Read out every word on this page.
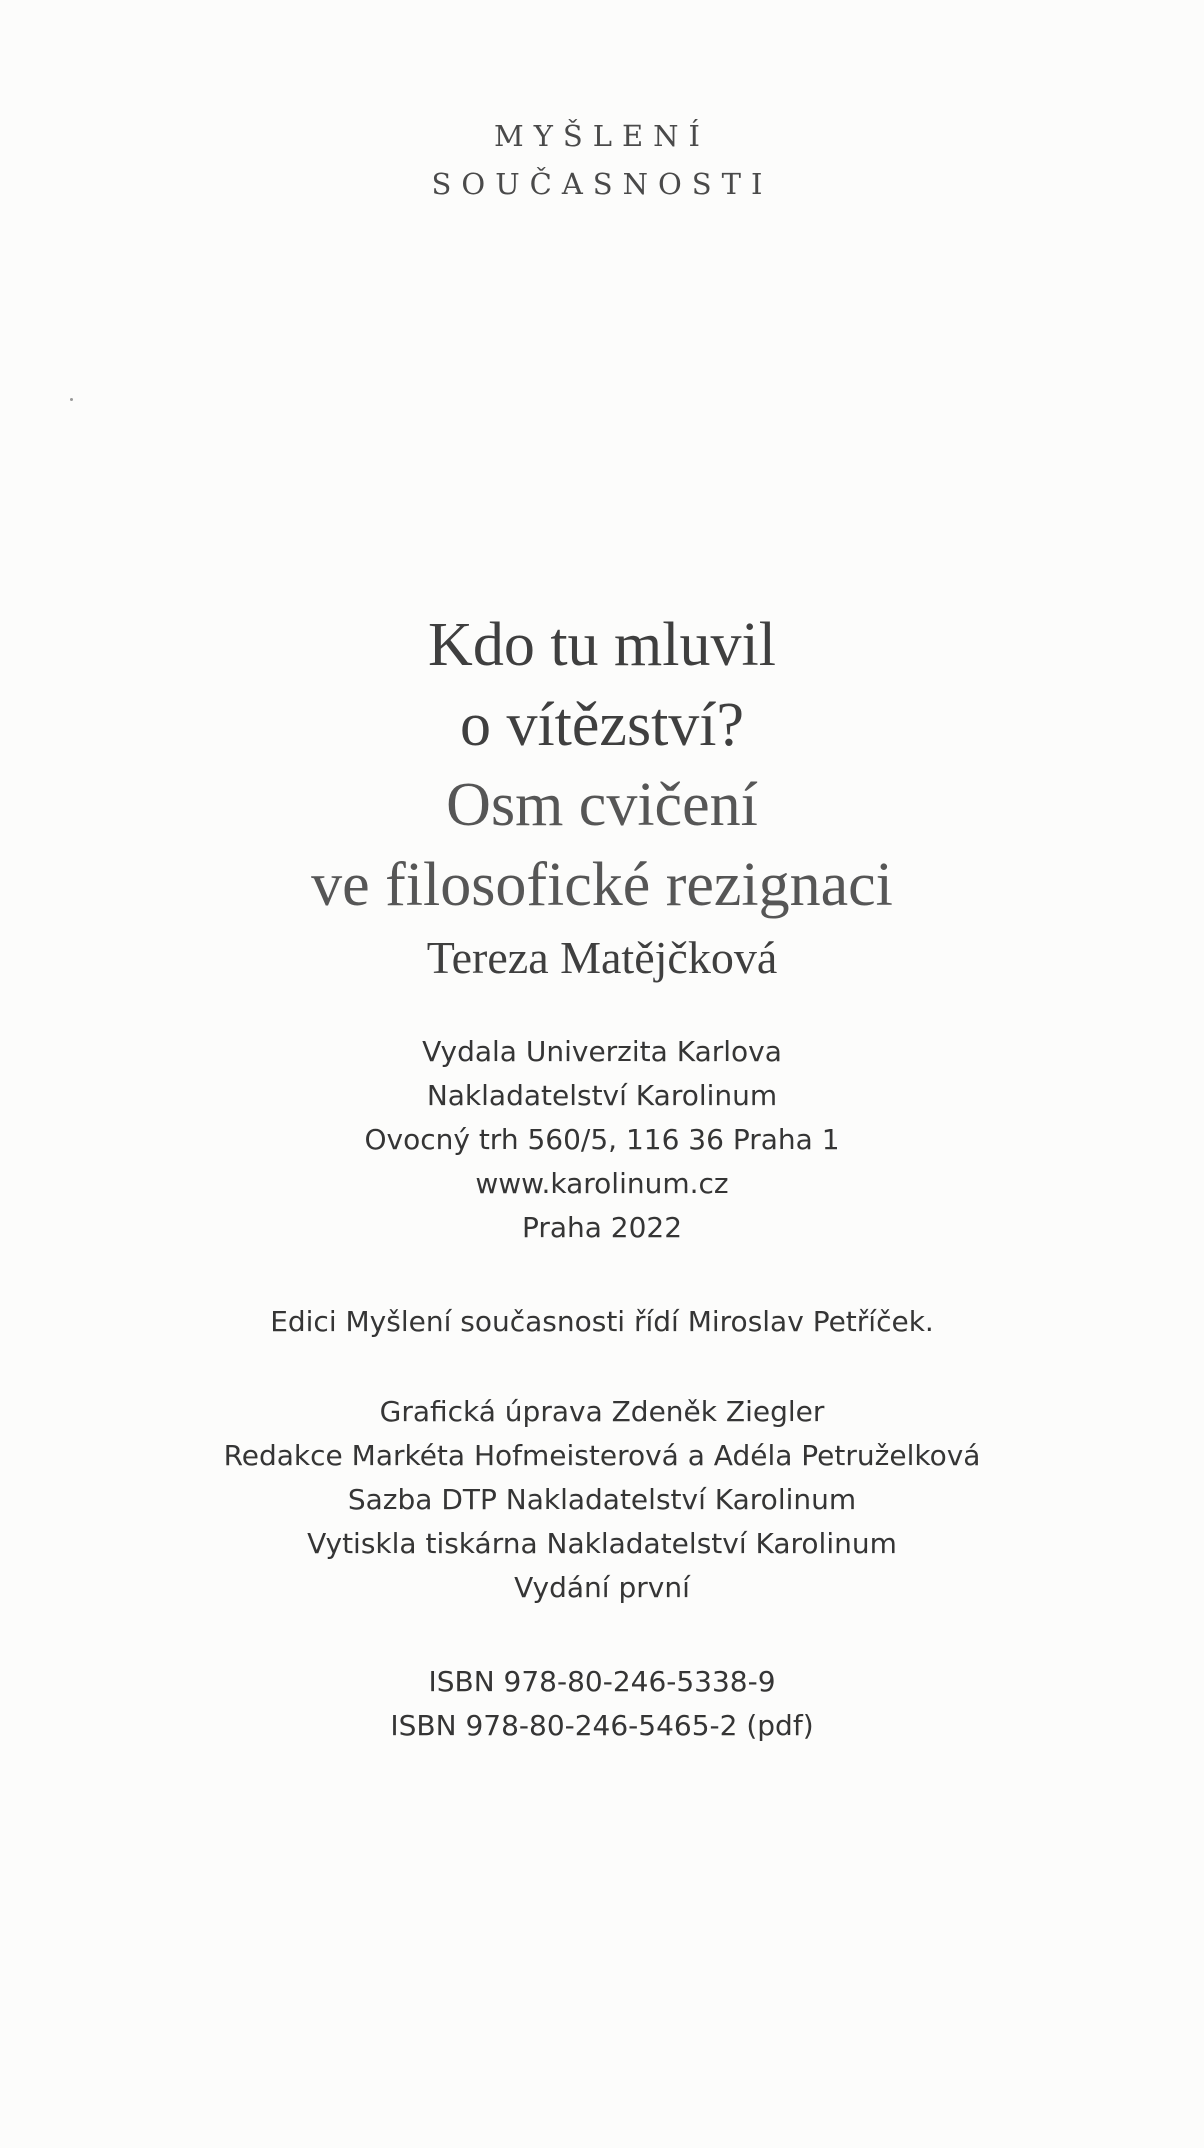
MYŠLENÍ
SOUČASNOSTI
Kdo tu mluvil
o vítězství?
Osm cvičení
ve filosofické rezignaci
Tereza Matějčková
Vydala Univerzita Karlova
Nakladatelství Karolinum
Ovocný trh 560/5, 116 36 Praha 1
www.karolinum.cz
Praha 2022
Edici Myšlení současnosti řídí Miroslav Petříček.
Grafická úprava Zdeněk Ziegler
Redakce Markéta Hofmeisterová a Adéla Petruželková
Sazba DTP Nakladatelství Karolinum
Vytiskla tiskárna Nakladatelství Karolinum
Vydání první
ISBN 978-80-246-5338-9
ISBN 978-80-246-5465-2 (pdf)
